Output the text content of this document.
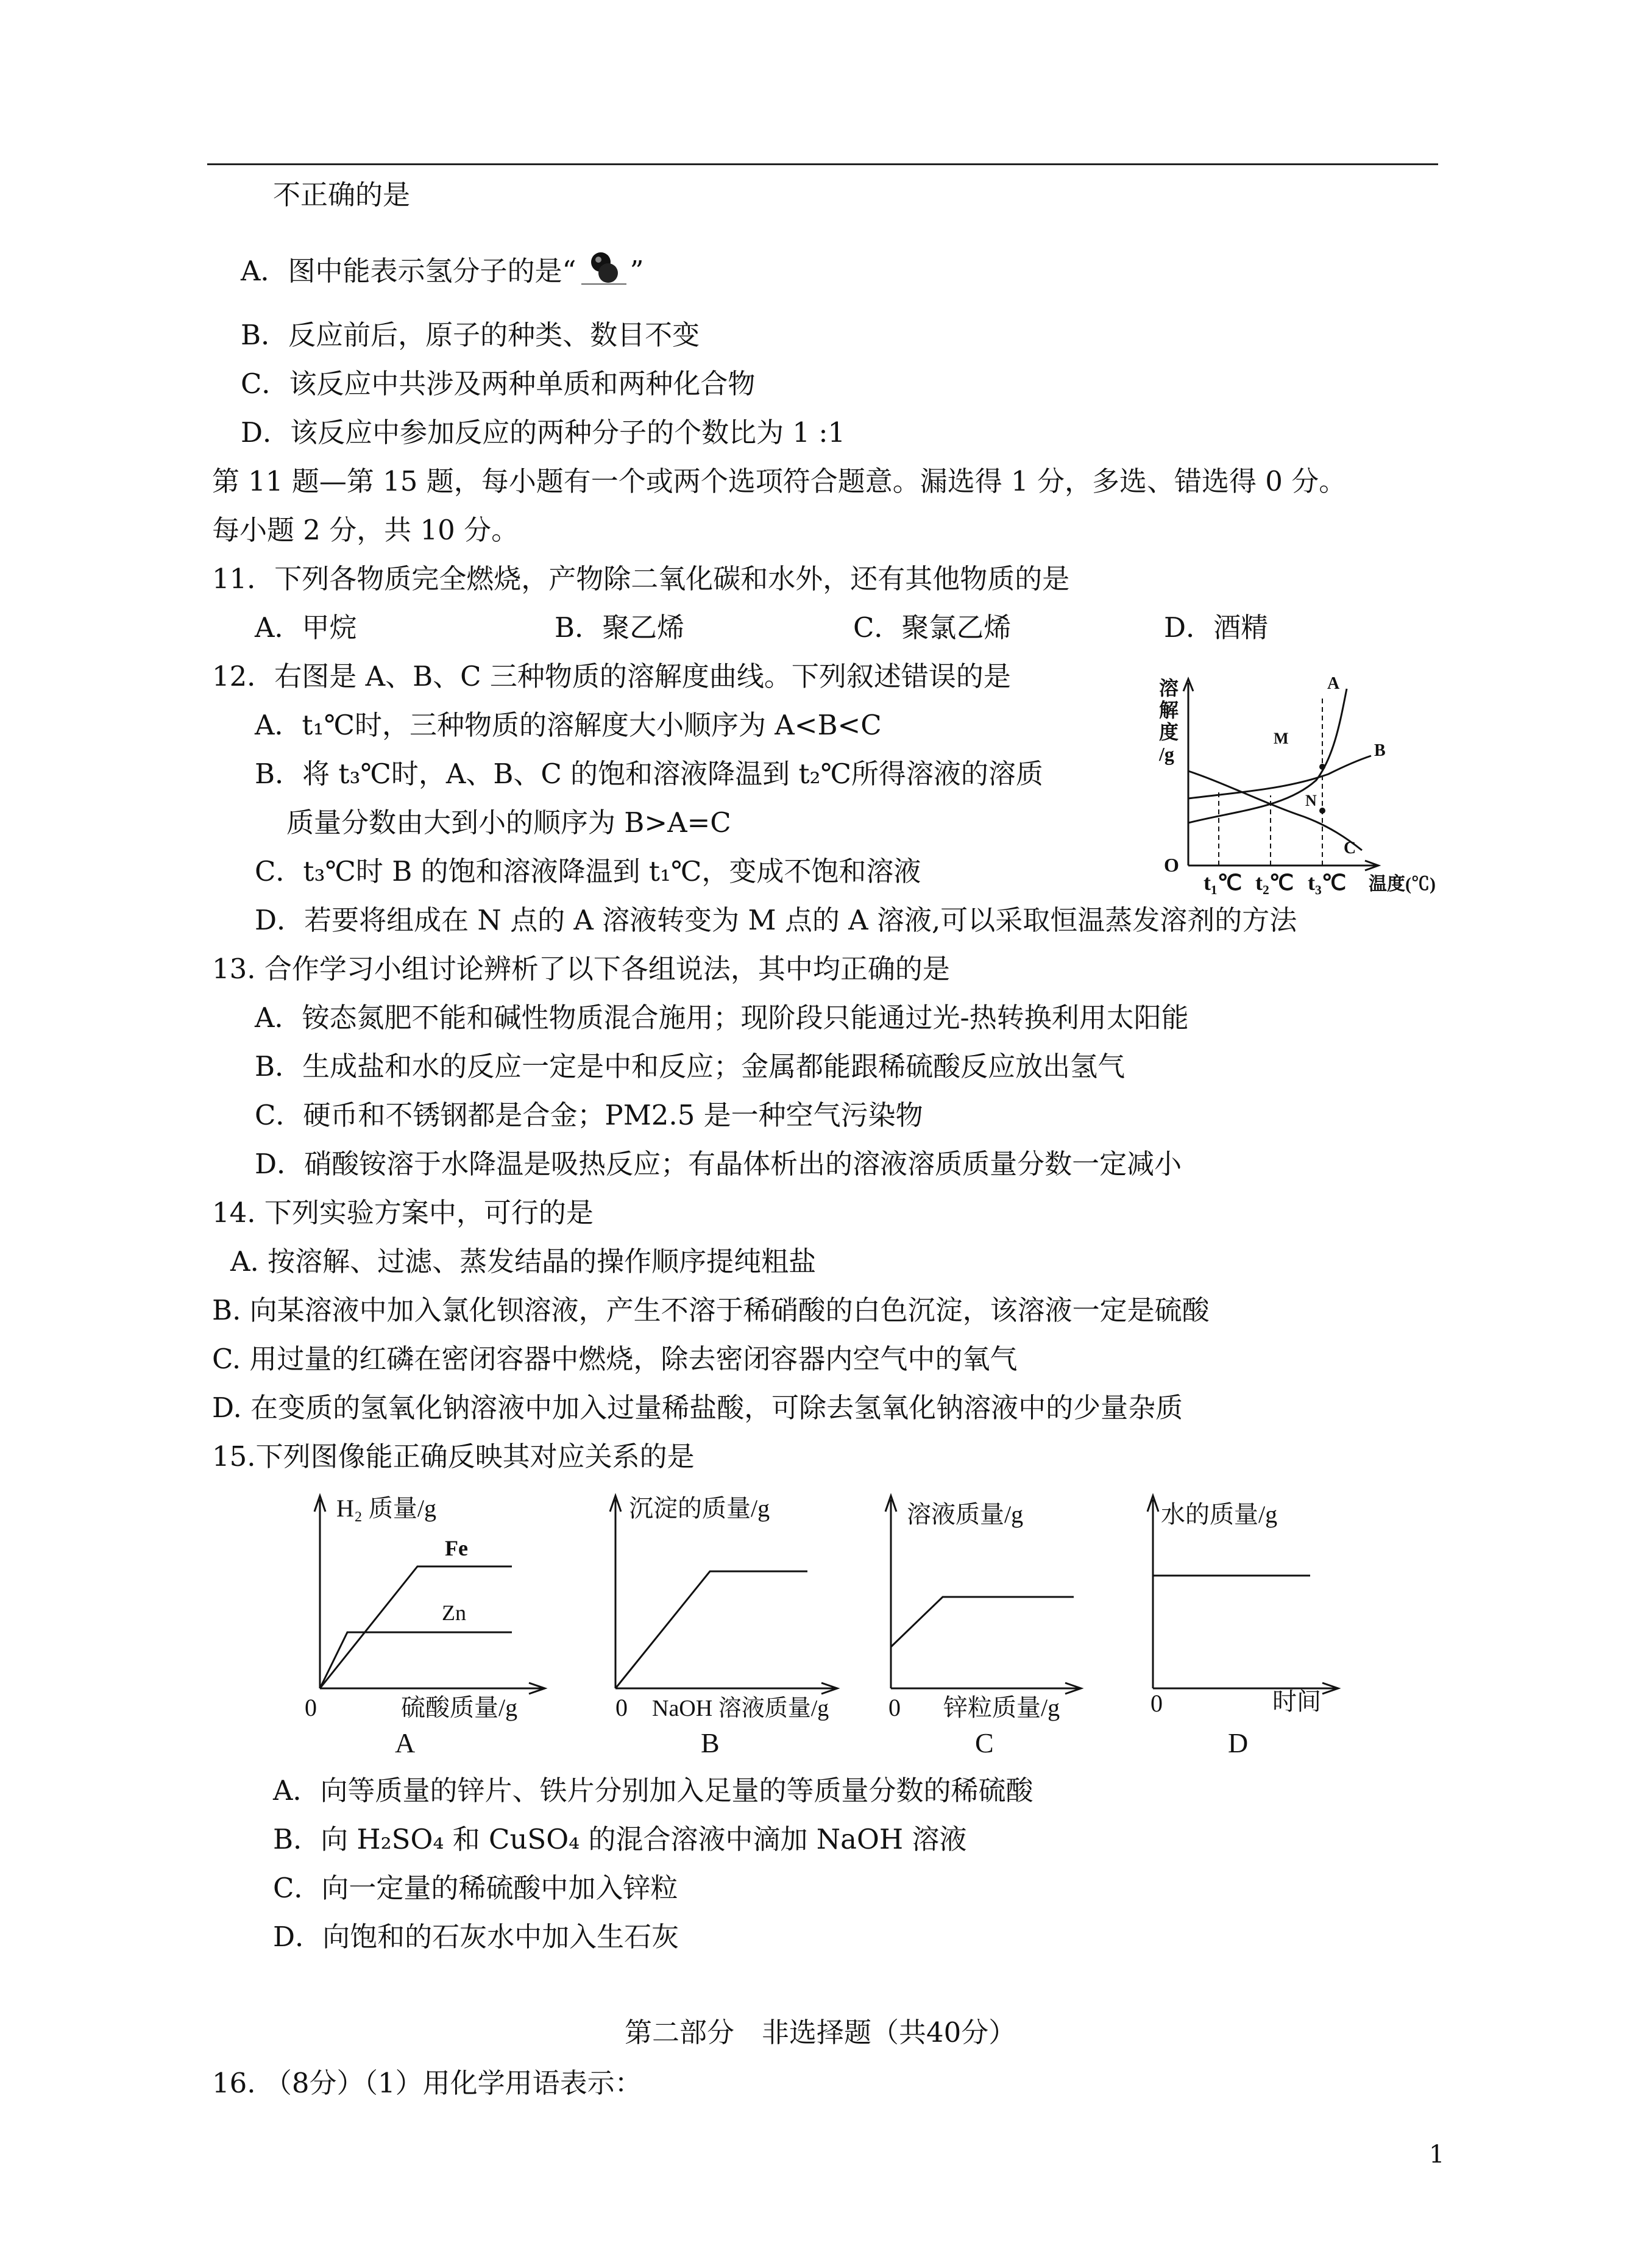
不正确的是
A．图中能表示氢分子的是“ ”
B．反应前后，原子的种类、数目不变
C．该反应中共涉及两种单质和两种化合物
D．该反应中参加反应的两种分子的个数比为 1 :1
第 11 题—第 15 题，每小题有一个或两个选项符合题意。漏选得 1 分，多选、错选得 0 分。
每小题 2 分，共 10 分。
11．下列各物质完全燃烧，产物除二氧化碳和水外，还有其他物质的是
A．甲烷	B．聚乙烯	C．聚氯乙烯	D．酒精
12．右图是 A、B、C 三种物质的溶解度曲线。下列叙述错误的是
A．t₁℃时，三种物质的溶解度大小顺序为 A<B<C
B．将 t₃℃时，A、B、C 的饱和溶液降温到 t₂℃所得溶液的溶质
质量分数由大到小的顺序为 B>A=C
C．t₃℃时 B 的饱和溶液降温到 t₁℃，变成不饱和溶液
D．若要将组成在 N 点的 A 溶液转变为 M 点的 A 溶液,可以采取恒温蒸发溶剂的方法
溶
解
度
/g
O
t₁℃ t₂℃ t₃℃ 温度(℃)
A
B
C
M
N
13. 合作学习小组讨论辨析了以下各组说法，其中均正确的是
A．铵态氮肥不能和碱性物质混合施用；现阶段只能通过光-热转换利用太阳能
B．生成盐和水的反应一定是中和反应；金属都能跟稀硫酸反应放出氢气
C．硬币和不锈钢都是合金；PM2.5 是一种空气污染物
D．硝酸铵溶于水降温是吸热反应；有晶体析出的溶液溶质质量分数一定减小
14. 下列实验方案中，可行的是
A. 按溶解、过滤、蒸发结晶的操作顺序提纯粗盐
B. 向某溶液中加入氯化钡溶液，产生不溶于稀硝酸的白色沉淀，该溶液一定是硫酸
C. 用过量的红磷在密闭容器中燃烧，除去密闭容器内空气中的氧气
D. 在变质的氢氧化钠溶液中加入过量稀盐酸，可除去氢氧化钠溶液中的少量杂质
15.下列图像能正确反映其对应关系的是
H₂ 质量/g
Fe
Zn
0	硫酸质量/g
A
沉淀的质量/g
0 NaOH 溶液质量/g
B
溶液质量/g
0 锌粒质量/g
C
水的质量/g
0	时间
D
A．向等质量的锌片、铁片分别加入足量的等质量分数的稀硫酸
B．向 H₂SO₄ 和 CuSO₄ 的混合溶液中滴加 NaOH 溶液
C．向一定量的稀硫酸中加入锌粒
D．向饱和的石灰水中加入生石灰
第二部分　非选择题（共40分）
16. （8分）（1）用化学用语表示：
1
